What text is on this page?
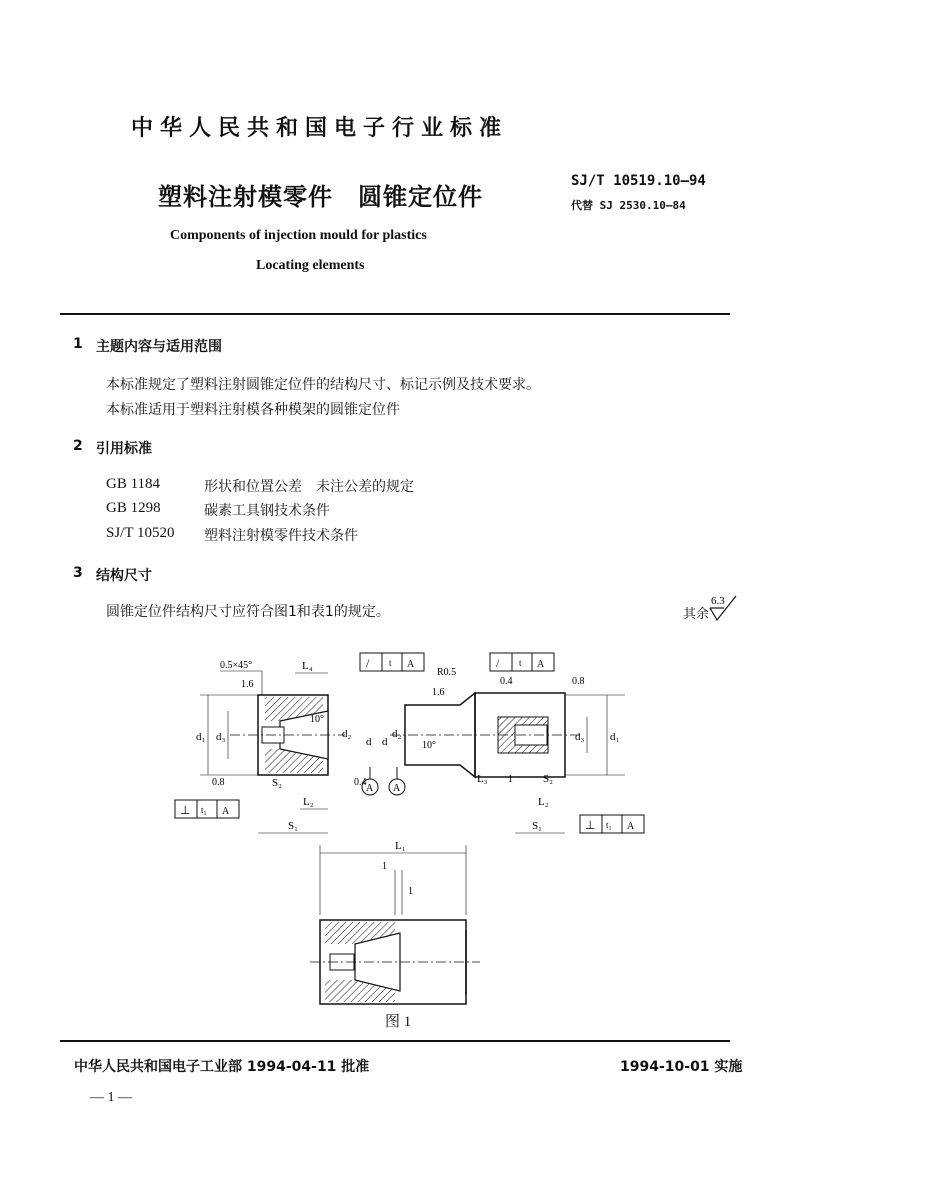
中华人民共和国电子行业标准
塑料注射模零件　圆锥定位件
SJ/T 10519.10—94
代替 SJ 2530.10—84
Components of injection mould for plastics
Locating elements
1 主题内容与适用范围
本标准规定了塑料注射圆锥定位件的结构尺寸、标记示例及技术要求。
本标准适用于塑料注射模各种模架的圆锥定位件
2 引用标准
GB 1184	形状和位置公差　未注公差的规定
GB 1298	碳素工具钢技术条件
SJ/T 10520 塑料注射模零件技术条件
3 结构尺寸
圆锥定位件结构尺寸应符合图1和表1的规定。	其余
6.3
d₁ d₃
0.5×45°
1.6
0.8
L₄
10°
S₂
L₂
S₁
⊥ t₁ A
/ t A
A A
0.4
d₂
d
d₂
d	d₃ d₁
R0.5
1.6
0.4	0.8
10°
/ t A
L₃ 1	S₂
L₂
S₁	⊥ t₁ A
L₁
1
1
图 1
中华人民共和国电子工业部 1994-04-11 批准	1994-10-01 实施
— 1 —
